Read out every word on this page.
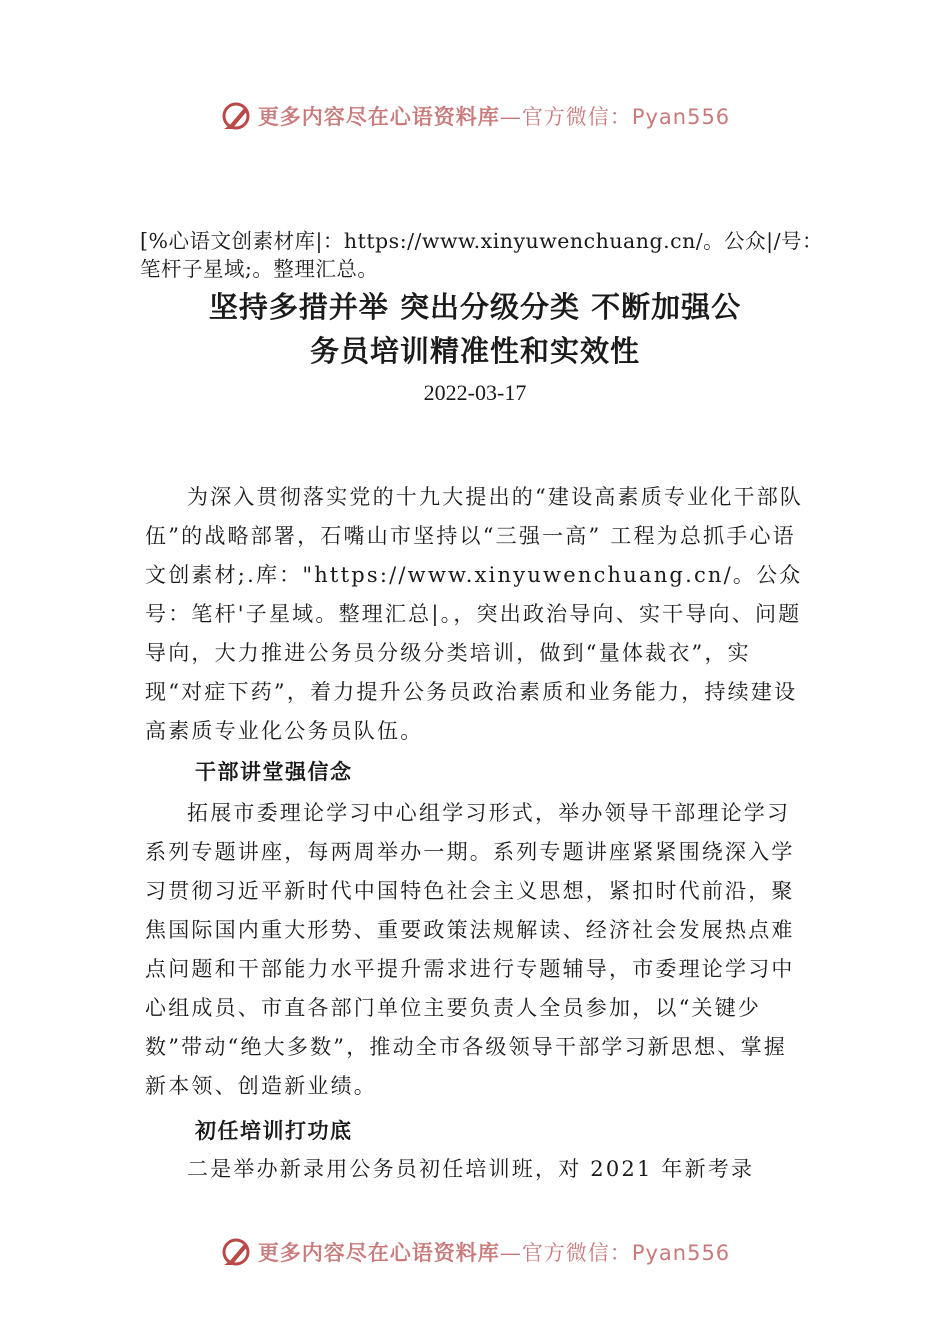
更多内容尽在心语资料库—官方微信：Pyan556
[%心语文创素材库|：https://www.xinyuwenchuang.cn/。公众|/号：笔杆子星域;。整理汇总。
坚持多措并举 突出分级分类 不断加强公
务员培训精准性和实效性
2022-03-17

为深入贯彻落实党的十九大提出的“建设高素质专业化干部队伍”的战略部署，石嘴山市坚持以“三强一高” 工程为总抓手心语文创素材;.库："https://www.xinyuwenchuang.cn/。公众号：笔杆'子星域。整理汇总|。，突出政治导向、实干导向、问题导向，大力推进公务员分级分类培训，做到“量体裁衣”，实现“对症下药”，着力提升公务员政治素质和业务能力，持续建设高素质专业化公务员队伍。

干部讲堂强信念

拓展市委理论学习中心组学习形式，举办领导干部理论学习系列专题讲座，每两周举办一期。系列专题讲座紧紧围绕深入学习贯彻习近平新时代中国特色社会主义思想，紧扣时代前沿，聚焦国际国内重大形势、重要政策法规解读、经济社会发展热点难点问题和干部能力水平提升需求进行专题辅导，市委理论学习中心组成员、市直各部门单位主要负责人全员参加，以“关键少数”带动“绝大多数”，推动全市各级领导干部学习新思想、掌握新本领、创造新业绩。

初任培训打功底

二是举办新录用公务员初任培训班，对 2021 年新考录

更多内容尽在心语资料库—官方微信：Pyan556
